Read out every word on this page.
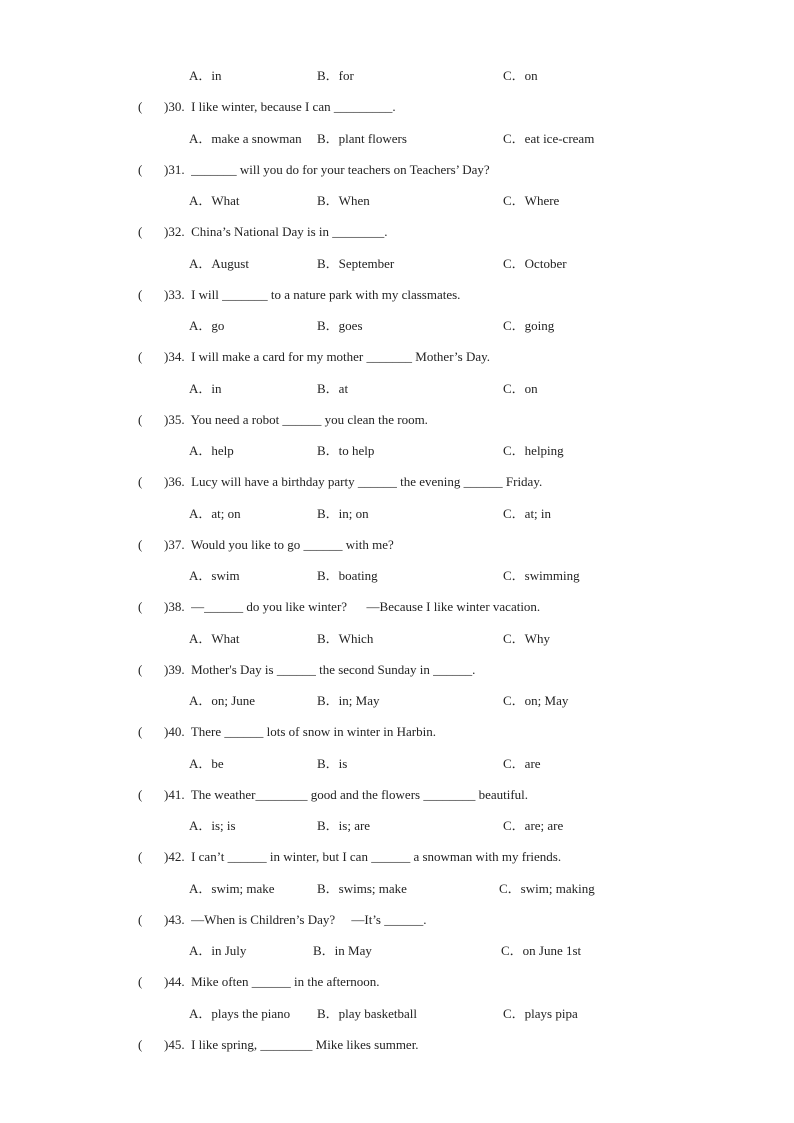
A．in	B．for	C．on
( )30.  I like winter, because I can _________.
A．make a snowman B．plant flowers	C．eat ice-cream
( )31.  _______ will you do for your teachers on Teachers’ Day?
A．What	B．When	C．Where
( )32.  China’s National Day is in ________.
A．August	B．September	C．October
( )33.  I will _______ to a nature park with my classmates.
A．go	B．goes	C．going
( )34.  I will make a card for my mother _______ Mother’s Day.
A．in	B．at	C．on
( )35.  You need a robot ______ you clean the room.
A．help	B．to help	C．helping
( )36.  Lucy will have a birthday party ______ the evening ______ Friday.
A．at; on	B．in; on	C．at; in
( )37.  Would you like to go ______ with me?
A．swim	B．boating	C．swimming
( )38.  —______ do you like winter?      —Because I like winter vacation.
A．What	B．Which	C．Why
( )39.  Mother's Day is ______ the second Sunday in ______.
A．on; June	B．in; May	C．on; May
( )40.  There ______ lots of snow in winter in Harbin.
A．be	B．is	C．are
( )41.  The weather________ good and the flowers ________ beautiful.
A．is; is	B．is; are	C．are; are
( )42.  I can’t ______ in winter, but I can ______ a snowman with my friends.
A．swim; make	B．swims; make	C．swim; making
( )43.  —When is Children’s Day?     —It’s ______.
A．in July	B．in May	C．on June 1st
( )44.  Mike often ______ in the afternoon.
A．plays the piano B．play basketball	C．plays pipa
( )45.  I like spring, ________ Mike likes summer.
